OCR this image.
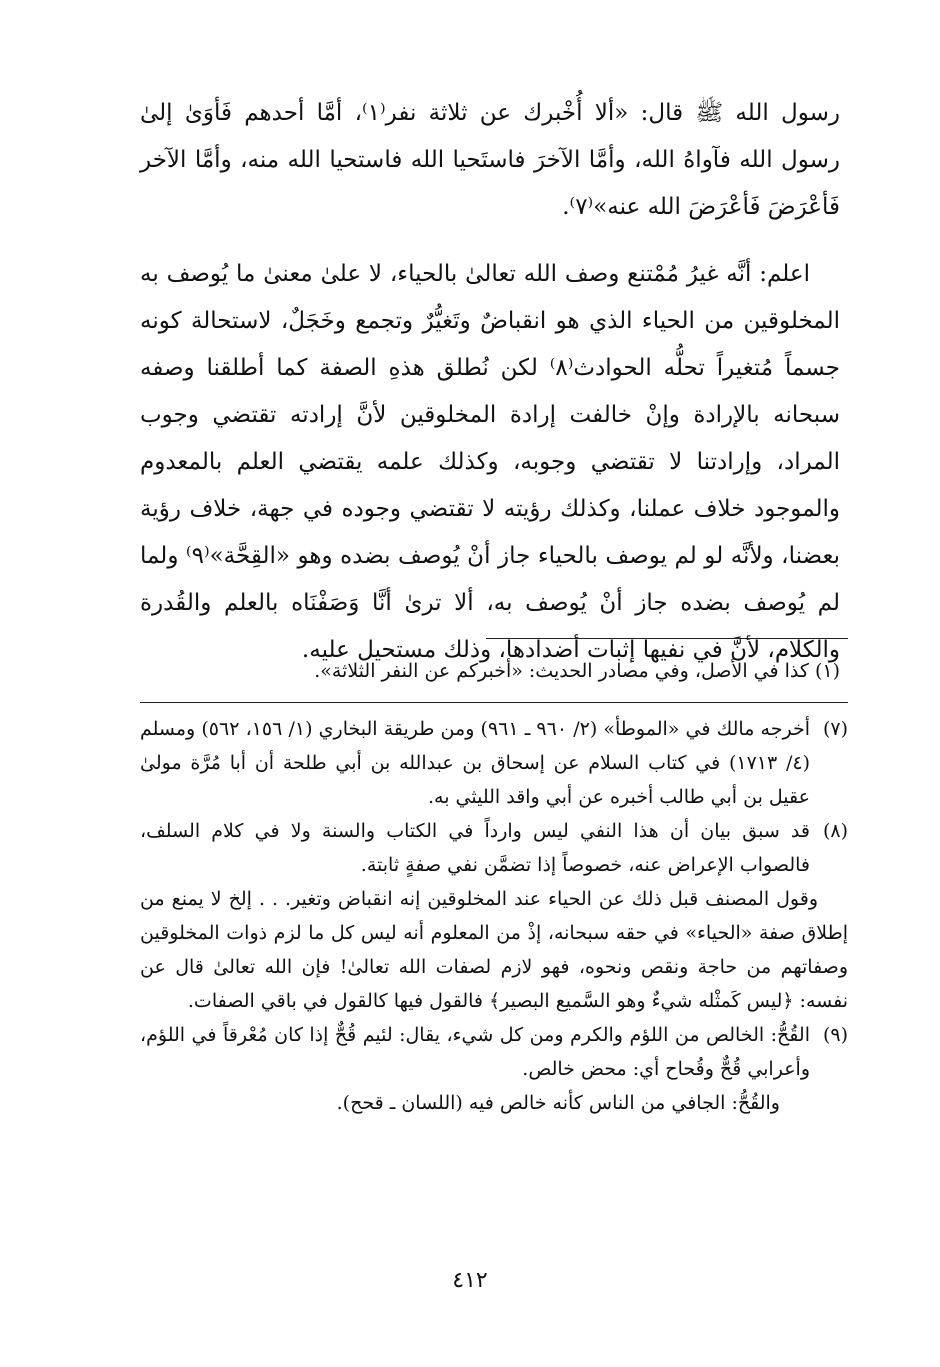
رسول الله ﷺ قال: «ألا أُخْبرك عن ثلاثة نفر⁽١⁾، أمَّا أحدهم فَأوَىٰ إلىٰ رسول الله فآواهُ الله، وأمَّا الآخرَ فاستَحيا الله فاستحيا الله منه، وأمَّا الآخر فَأعْرَضَ فَأعْرَضَ الله عنه»⁽٧⁾.

اعلم: أنَّه غيرُ مُمْتنع وصف الله تعالىٰ بالحياء، لا علىٰ معنىٰ ما يُوصف به المخلوقين من الحياء الذي هو انقباضٌ وتَغيُّرٌ وتجمع وخَجَلٌ، لاستحالة كونه جسماً مُتغيراً تحلُّه الحوادث⁽٨⁾ لكن نُطلق هذهِ الصفة كما أطلقنا وصفه سبحانه بالإرادة وإنْ خالفت إرادة المخلوقين لأنَّ إرادته تقتضي وجوب المراد، وإرادتنا لا تقتضي وجوبه، وكذلك علمه يقتضي العلم بالمعدوم والموجود خلاف عملنا، وكذلك رؤيته لا تقتضي وجوده في جهة، خلاف رؤية بعضنا، ولأنَّه لو لم يوصف بالحياء جاز أنْ يُوصف بضده وهو «القِحَّة»⁽٩⁾ ولما لم يُوصف بضده جاز أنْ يُوصف به، ألا ترىٰ أنَّا وَصَفْنَاه بالعلم والقُدرة والكلام، لأنَّ في نفيها إثبات أضدادها، وذلك مستحيل عليه.

(١) كذا في الأصل، وفي مصادر الحديث: «أخبركم عن النفر الثلاثة».
(٧)

أخرجه مالك في «الموطأ» (٢/ ٩٦٠ ـ ٩٦١) ومن طريقة البخاري (١/ ١٥٦، ٥٦٢) ومسلم (٤/ ١٧١٣) في كتاب السلام عن إسحاق بن عبدالله بن أبي طلحة أن أبا مُرَّة مولىٰ عقيل بن أبي طالب أخبره عن أبي واقد الليثي به.

(٨)

قد سبق بيان أن هذا النفي ليس وارداً في الكتاب والسنة ولا في كلام السلف، فالصواب الإعراض عنه، خصوصاً إذا تضمَّن نفي صفةٍ ثابتة.

وقول المصنف قبل ذلك عن الحياء عند المخلوقين إنه انقباض وتغير. . . إلخ لا يمنع من إطلاق صفة «الحياء» في حقه سبحانه، إذْ من المعلوم أنه ليس كل ما لزم ذوات المخلوقين وصفاتهم من حاجة ونقص ونحوه، فهو لازم لصفات الله تعالىٰ! فإن الله تعالىٰ قال عن نفسه: ﴿ليس كَمثْله شيءٌ وهو السَّميع البصير﴾ فالقول فيها كالقول في باقي الصفات.

(٩)

القُحُّ: الخالص من اللؤم والكرم ومن كل شيء، يقال: لئيم قُحٌّ إذا كان مُعْرقاً في اللؤم، وأعرابي قُحٌّ وقُحاح أي: محض خالص.

والقُحُّ: الجافي من الناس كأنه خالص فيه (اللسان ـ قحح).

٤١٢
